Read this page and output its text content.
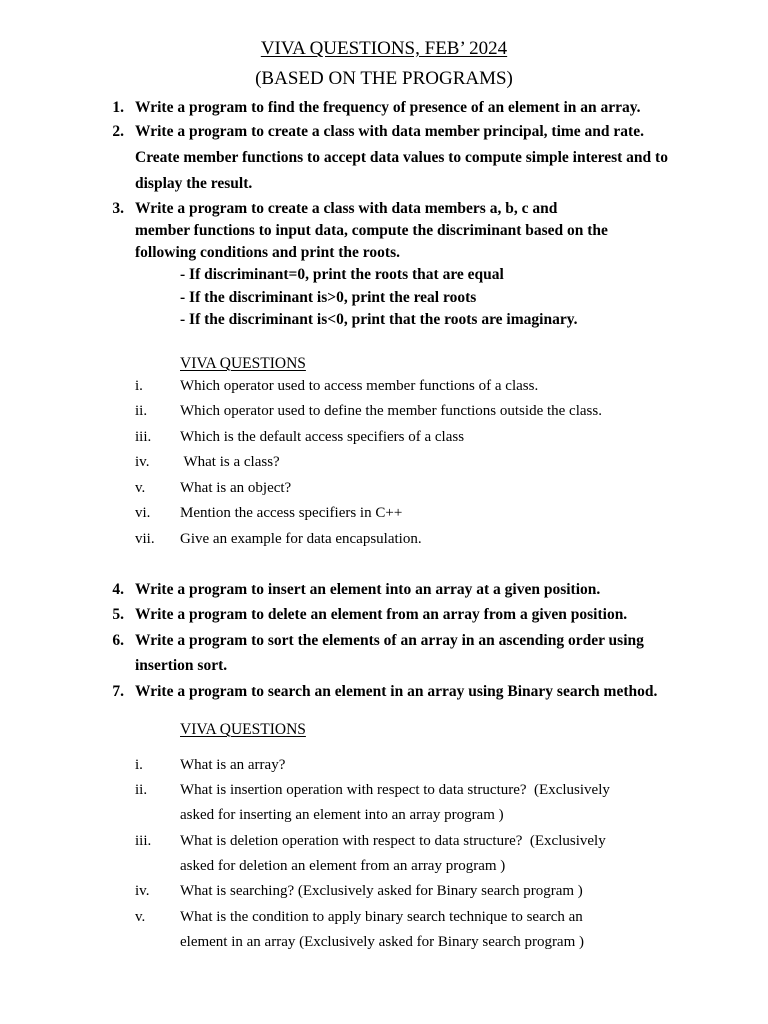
VIVA QUESTIONS, FEB’ 2024
(BASED ON THE PROGRAMS)
1. Write a program to find the frequency of presence of an element in an array.
2. Write a program to create a class with data member principal, time and rate.
Create member functions to accept data values to compute simple interest and to
display the result.
3. Write a program to create a class with data members a, b, c and
member functions to input data, compute the discriminant based on the
following conditions and print the roots.
- If discriminant=0, print the roots that are equal
- If the discriminant is>0, print the real roots
- If the discriminant is<0, print that the roots are imaginary.
VIVA QUESTIONS
i. Which operator used to access member functions of a class.
ii. Which operator used to define the member functions outside the class.
iii. Which is the default access specifiers of a class
iv. What is a class?
v. What is an object?
vi. Mention the access specifiers in C++
vii. Give an example for data encapsulation.
4. Write a program to insert an element into an array at a given position.
5. Write a program to delete an element from an array from a given position.
6. Write a program to sort the elements of an array in an ascending order using
insertion sort.
7. Write a program to search an element in an array using Binary search method.
VIVA QUESTIONS
i. What is an array?
ii. What is insertion operation with respect to data structure?  (Exclusively
asked for inserting an element into an array program )
iii. What is deletion operation with respect to data structure?  (Exclusively
asked for deletion an element from an array program )
iv. What is searching? (Exclusively asked for Binary search program )
v. What is the condition to apply binary search technique to search an
element in an array (Exclusively asked for Binary search program )
